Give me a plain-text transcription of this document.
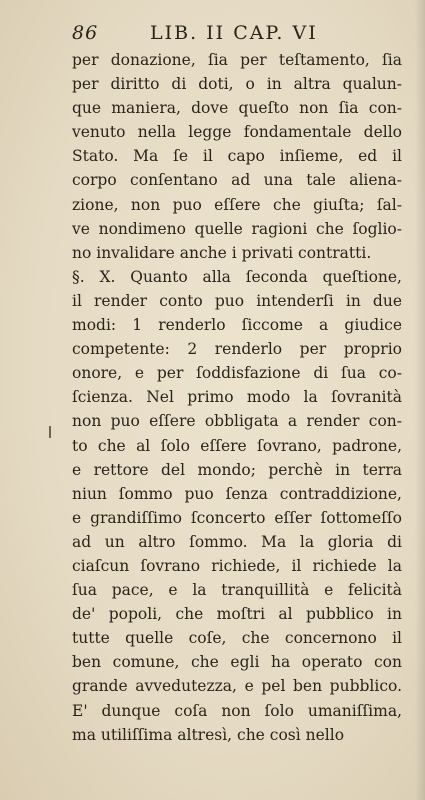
86	LIB. II CAP. VI
per donazione, ſia per teſtamento, ſia
per diritto di doti, o in altra qualun-
que maniera, dove queſto non ſia con-
venuto nella legge fondamentale dello
Stato. Ma ſe il capo inſieme, ed il
corpo conſentano ad una tale aliena-
zione, non puo eſſere che giuſta; ſal-
ve nondimeno quelle ragioni che ſoglio-
no invalidare anche i privati contratti.
§. X. Quanto alla ſeconda queſtione,
il render conto puo intenderſi in due
modi: 1 renderlo ſiccome a giudice
competente: 2 renderlo per proprio
onore, e per ſoddisfazione di ſua co-
ſcienza. Nel primo modo la ſovranità
non puo eſſere obbligata a render con-
to che al ſolo eſſere ſovrano, padrone,
e rettore del mondo; perchè in terra
niun ſommo puo ſenza contraddizione,
e grandiſſimo ſconcerto eſſer ſottomeſſo
ad un altro ſommo. Ma la gloria di
ciaſcun ſovrano richiede, il richiede la
ſua pace, e la tranquillità e felicità
de' popoli, che moſtri al pubblico in
tutte quelle coſe, che concernono il
ben comune, che egli ha operato con
grande avvedutezza, e pel ben pubblico.
E' dunque coſa non ſolo umaniſſima,
ma utiliſſima altresì, che così nello
